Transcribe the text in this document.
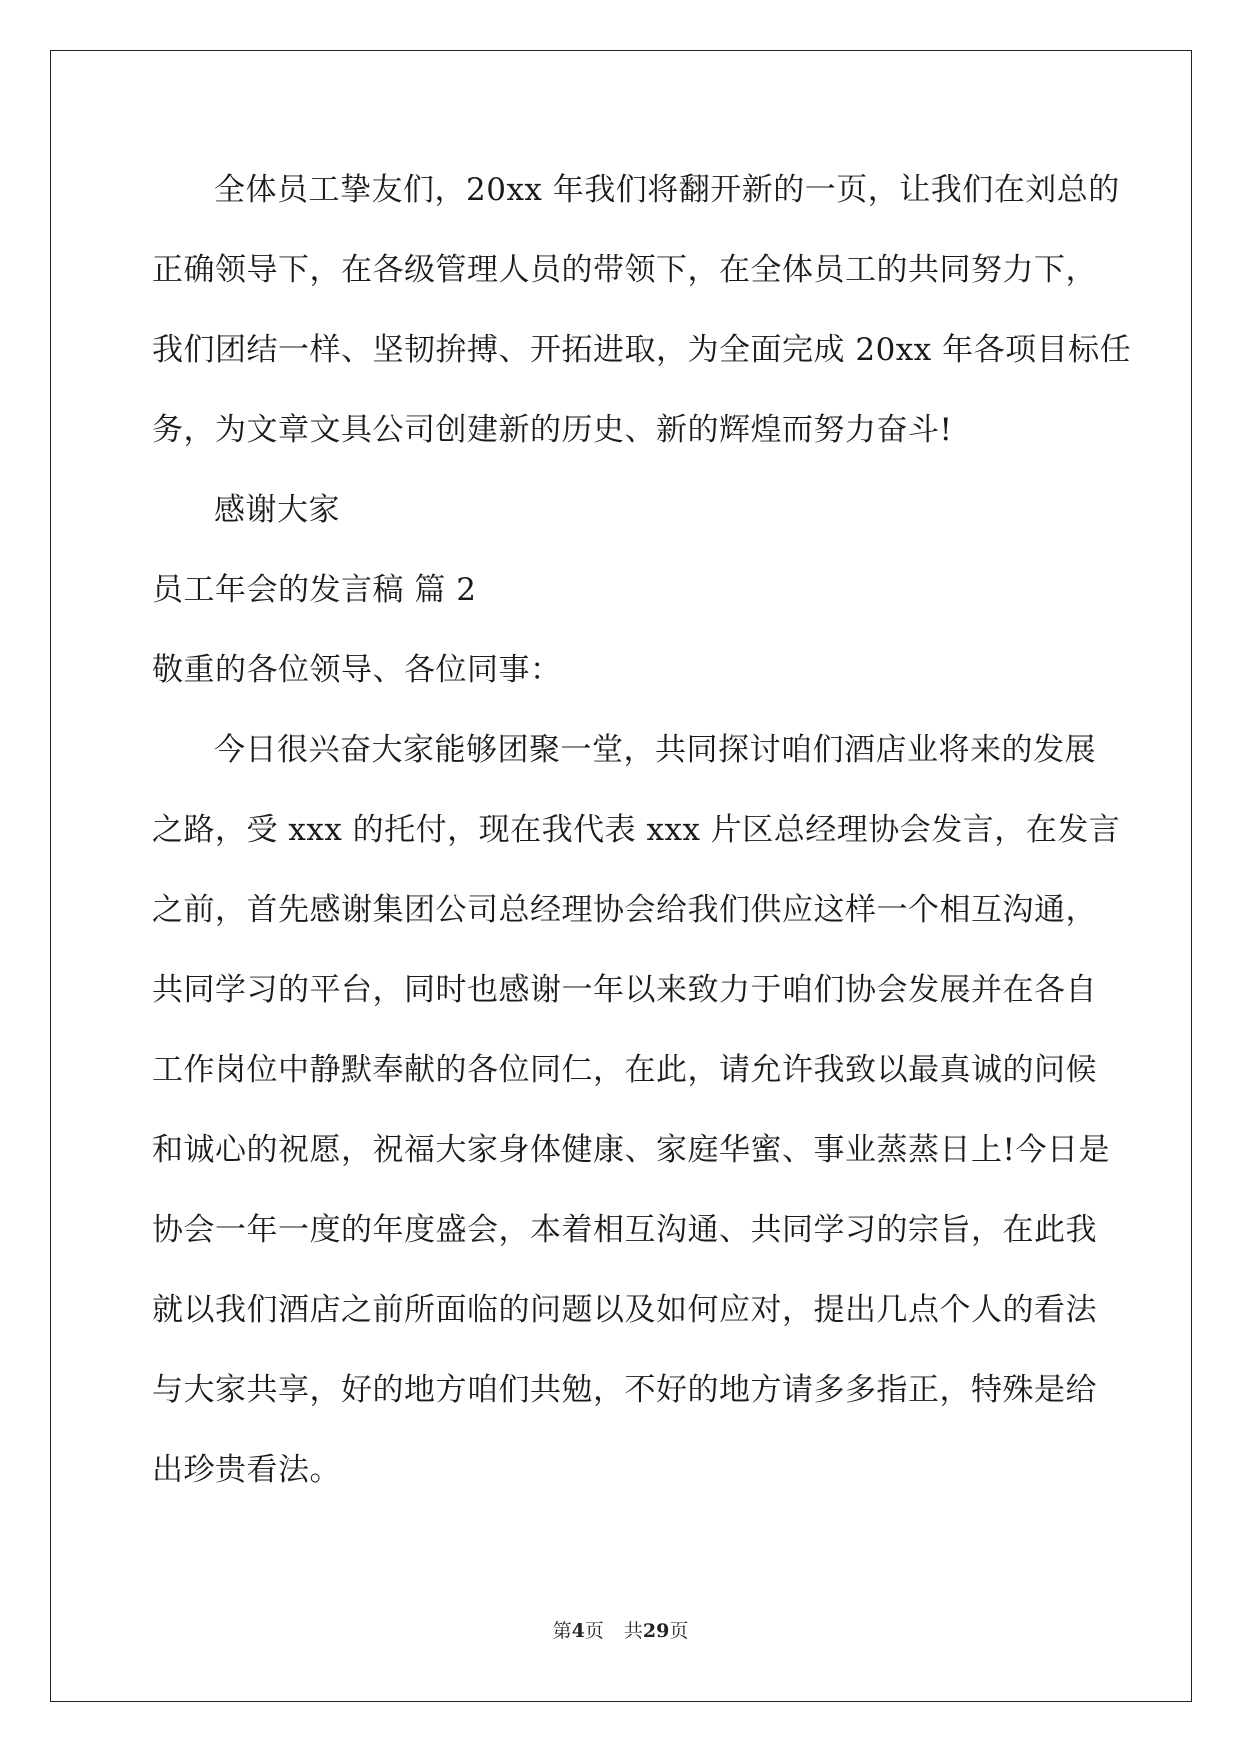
全体员工挚友们，20xx 年我们将翻开新的一页，让我们在刘总的
正确领导下，在各级管理人员的带领下，在全体员工的共同努力下，
我们团结一样、坚韧拚搏、开拓进取，为全面完成 20xx 年各项目标任
务，为文章文具公司创建新的历史、新的辉煌而努力奋斗!
感谢大家
员工年会的发言稿 篇 2
敬重的各位领导、各位同事：
今日很兴奋大家能够团聚一堂，共同探讨咱们酒店业将来的发展
之路，受 xxx 的托付，现在我代表 xxx 片区总经理协会发言，在发言
之前，首先感谢集团公司总经理协会给我们供应这样一个相互沟通，
共同学习的平台，同时也感谢一年以来致力于咱们协会发展并在各自
工作岗位中静默奉献的各位同仁，在此，请允许我致以最真诚的问候
和诚心的祝愿，祝福大家身体健康、家庭华蜜、事业蒸蒸日上!今日是
协会一年一度的年度盛会，本着相互沟通、共同学习的宗旨，在此我
就以我们酒店之前所面临的问题以及如何应对，提出几点个人的看法
与大家共享，好的地方咱们共勉，不好的地方请多多指正，特殊是给
出珍贵看法。
第4页 共29页
